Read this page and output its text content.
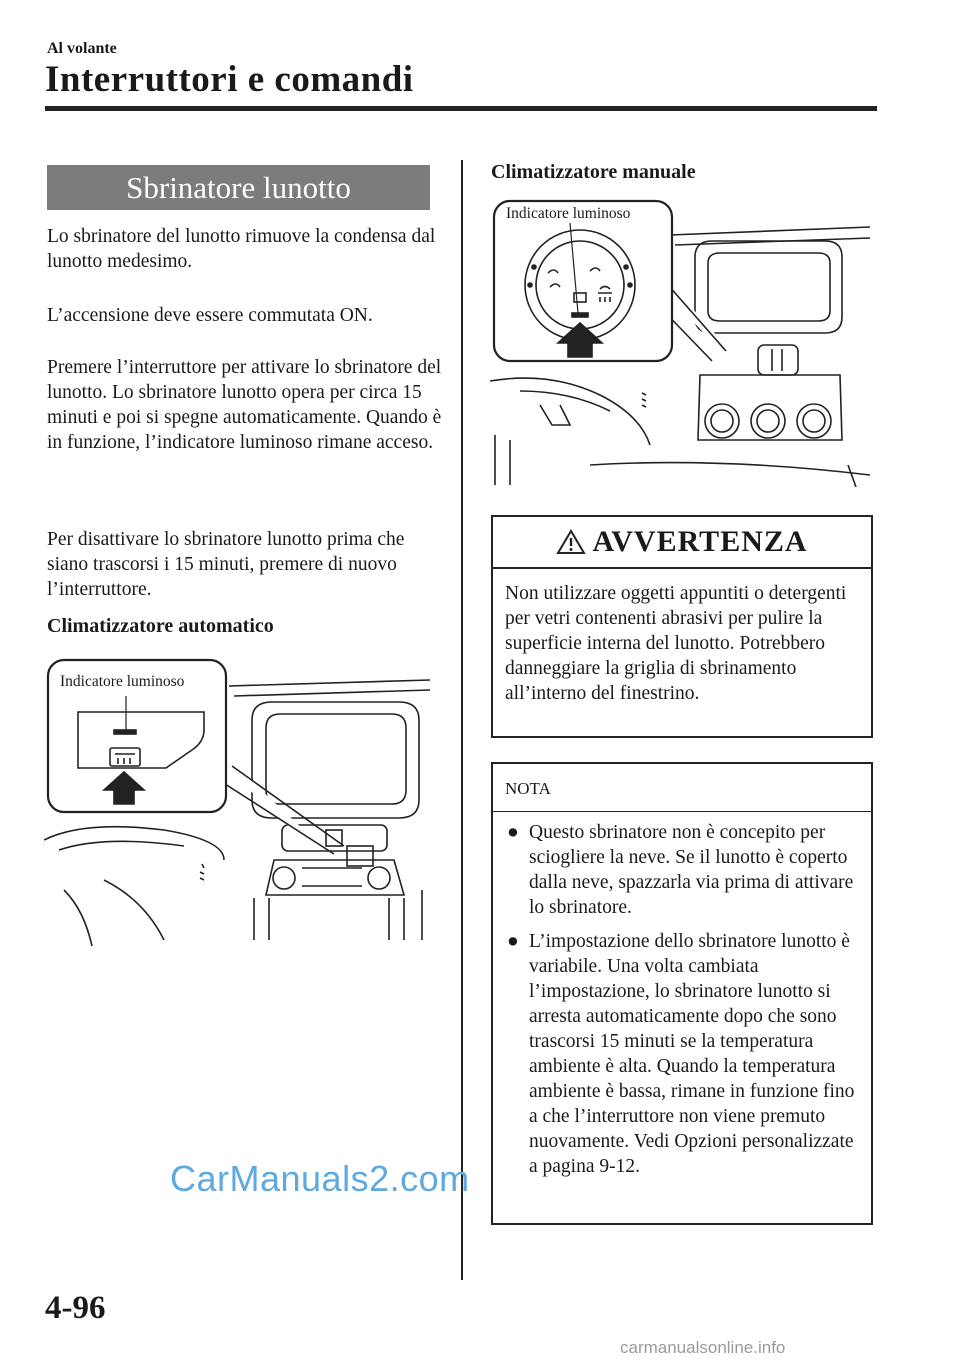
Al volante
Interruttori e comandi
Sbrinatore lunotto
Lo sbrinatore del lunotto rimuove la condensa dal lunotto medesimo.
L’accensione deve essere commutata ON.
Premere l’interruttore per attivare lo sbrinatore del lunotto. Lo sbrinatore lunotto opera per circa 15 minuti e poi si spegne automaticamente. Quando è in funzione, l’indicatore luminoso rimane acceso.
Per disattivare lo sbrinatore lunotto prima che siano trascorsi i 15 minuti, premere di nuovo l’interruttore.
Climatizzatore automatico
Indicatore luminoso
Climatizzatore manuale
Indicatore luminoso
AVVERTENZA
Non utilizzare oggetti appuntiti o detergenti per vetri contenenti abrasivi per pulire la superficie interna del lunotto. Potrebbero danneggiare la griglia di sbrinamento all’interno del finestrino.
NOTA
● Questo sbrinatore non è concepito per sciogliere la neve. Se il lunotto è coperto dalla neve, spazzarla via prima di attivare lo sbrinatore.
● L’impostazione dello sbrinatore lunotto è variabile. Una volta cambiata l’impostazione, lo sbrinatore lunotto si arresta automaticamente dopo che sono trascorsi 15 minuti se la temperatura ambiente è alta. Quando la temperatura ambiente è bassa, rimane in funzione fino a che l’interruttore non viene premuto nuovamente. Vedi Opzioni personalizzate a pagina 9-12.
CarManuals2.com
4-96
carmanualsonline.info
